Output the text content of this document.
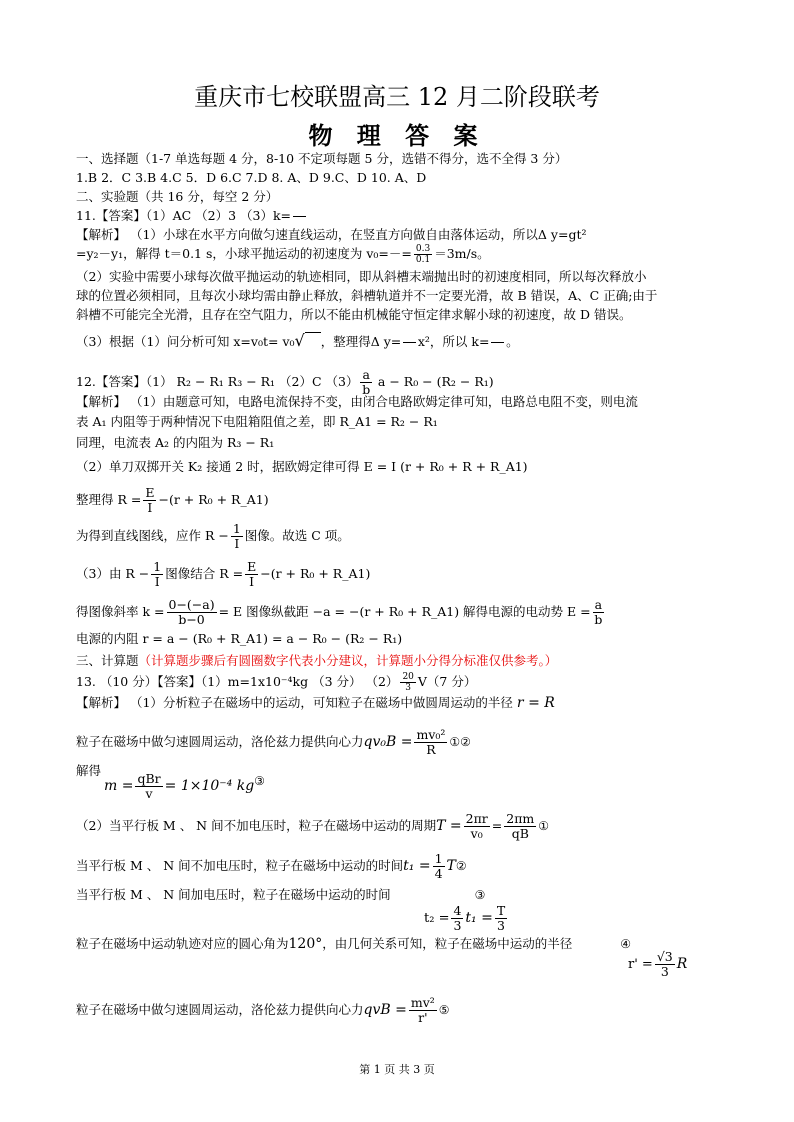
重庆市七校联盟高三 12 月二阶段联考
物 理 答 案
一、选择题（1-7 单选每题 4 分，8-10 不定项每题 5 分，选错不得分，选不全得 3 分）
1.B 2．C 3.B 4.C 5．D 6.C 7.D 8. A、D 9.C、D 10. A、D
二、实验题（共 16 分，每空 2 分）
11.【答案】（1）AC （2）3 （3）k=

【解析】 （1）小球在水平方向做匀速直线运动，在竖直方向做自由落体运动，所以Δ y=gt²
=y₂－y₁，解得 t＝0.1 s，小球平抛运动的初速度为 $v_0=-= \frac{0.3}{0.1} =3m/s$。
（2）实验中需要小球每次做平抛运动的轨迹相同，即从斜槽末端抛出时的初速度相同，所以每次释放小
球的位置必须相同，且每次小球均需由静止释放，斜槽轨道并不一定要光滑，故 B 错误，A、C 正确;由于
斜槽不可能完全光滑，且存在空气阻力，所以不能由机械能守恒定律求解小球的初速度，故 D 错误。
（3）根据（1）问分析可知 x=v₀t= v₀√ ，整理得Δ y=

x²，所以 k=

。
12.【答案】（1） R₂ − R₁ R₃ − R₁ （2）C $(3) \frac{a}{b}$ a − R₀ − (R₂ − R₁)
【解析】 （1）由题意可知，电路电流保持不变，由闭合电路欧姆定律可知，电路总电阻不变，则电流
表 A₁ 内阻等于两种情况下电阻箱阻值之差，即 R_A1 = R₂ − R₁
同理，电流表 A₂ 的内阻为 R₃ − R₁
（2）单刀双掷开关 K₂ 接通 2 时，据欧姆定律可得 E = I (r + R₀ + R + R_A1)
整理得 $R = \frac{E}{I} -(r + R_0$ + R_A1)
为得到直线图线，应作 $R - \frac{1}{I}$ 图像。故选 C 项。
（3）由 $R - \frac{1}{I}$ 图像结合 $R = \frac{E}{I} -(r + R_0$ + R_A1)
得图像斜率 $k = \frac{0-(-a)}{b-0} = E$ 图像纵截距 −a = −(r + R₀ + R_A1) 解得电源的电动势 $E = \frac{a}{b}$
电源的内阻 r = a − (R₀ + R_A1) = a − R₀ − (R₂ − R₁)
三、计算题（计算题步骤后有圆圈数字代表小分建议，计算题小分得分标准仅供参考。）
13. （10 分）【答案】（1）m=1x10⁻⁴kg （3 分） $(2) \frac{20}{3} V(7$ 分）
【解析】 （1）分析粒子在磁场中的运动，可知粒子在磁场中做圆周运动的半径 r = R
粒子在磁场中做匀速圆周运动，洛伦兹力提供向心力$qv_0B = \frac{\text{mv₀²}}{R}$ ①②
解得
m = qBr
v = 1×10⁻⁴ kg③
（2）当平行板 M 、 N 间不加电压时，粒子在磁场中运动的周期$T = \frac{2\pi r}{\text{v₀}} = \frac{2\pi m}{qB}$ ①
当平行板 M 、 N 间不加电压时，粒子在磁场中运动的时间$t_1 = \frac{1}{4}$ T②
当平行板 M 、 N 间加电压时，粒子在磁场中运动的时间	③
$t_2 = \frac{4}{3} t_1 = \frac{T}{3}$
粒子在磁场中运动轨迹对应的圆心角为120°，由几何关系可知，粒子在磁场中运动的半径	④
$r' = \frac{√3}{3}$ R
粒子在磁场中做匀速圆周运动，洛伦兹力提供向心力qvB = $\frac{\text{mv²}}{r'}$ ⑤
第 1 页 共 3 页
